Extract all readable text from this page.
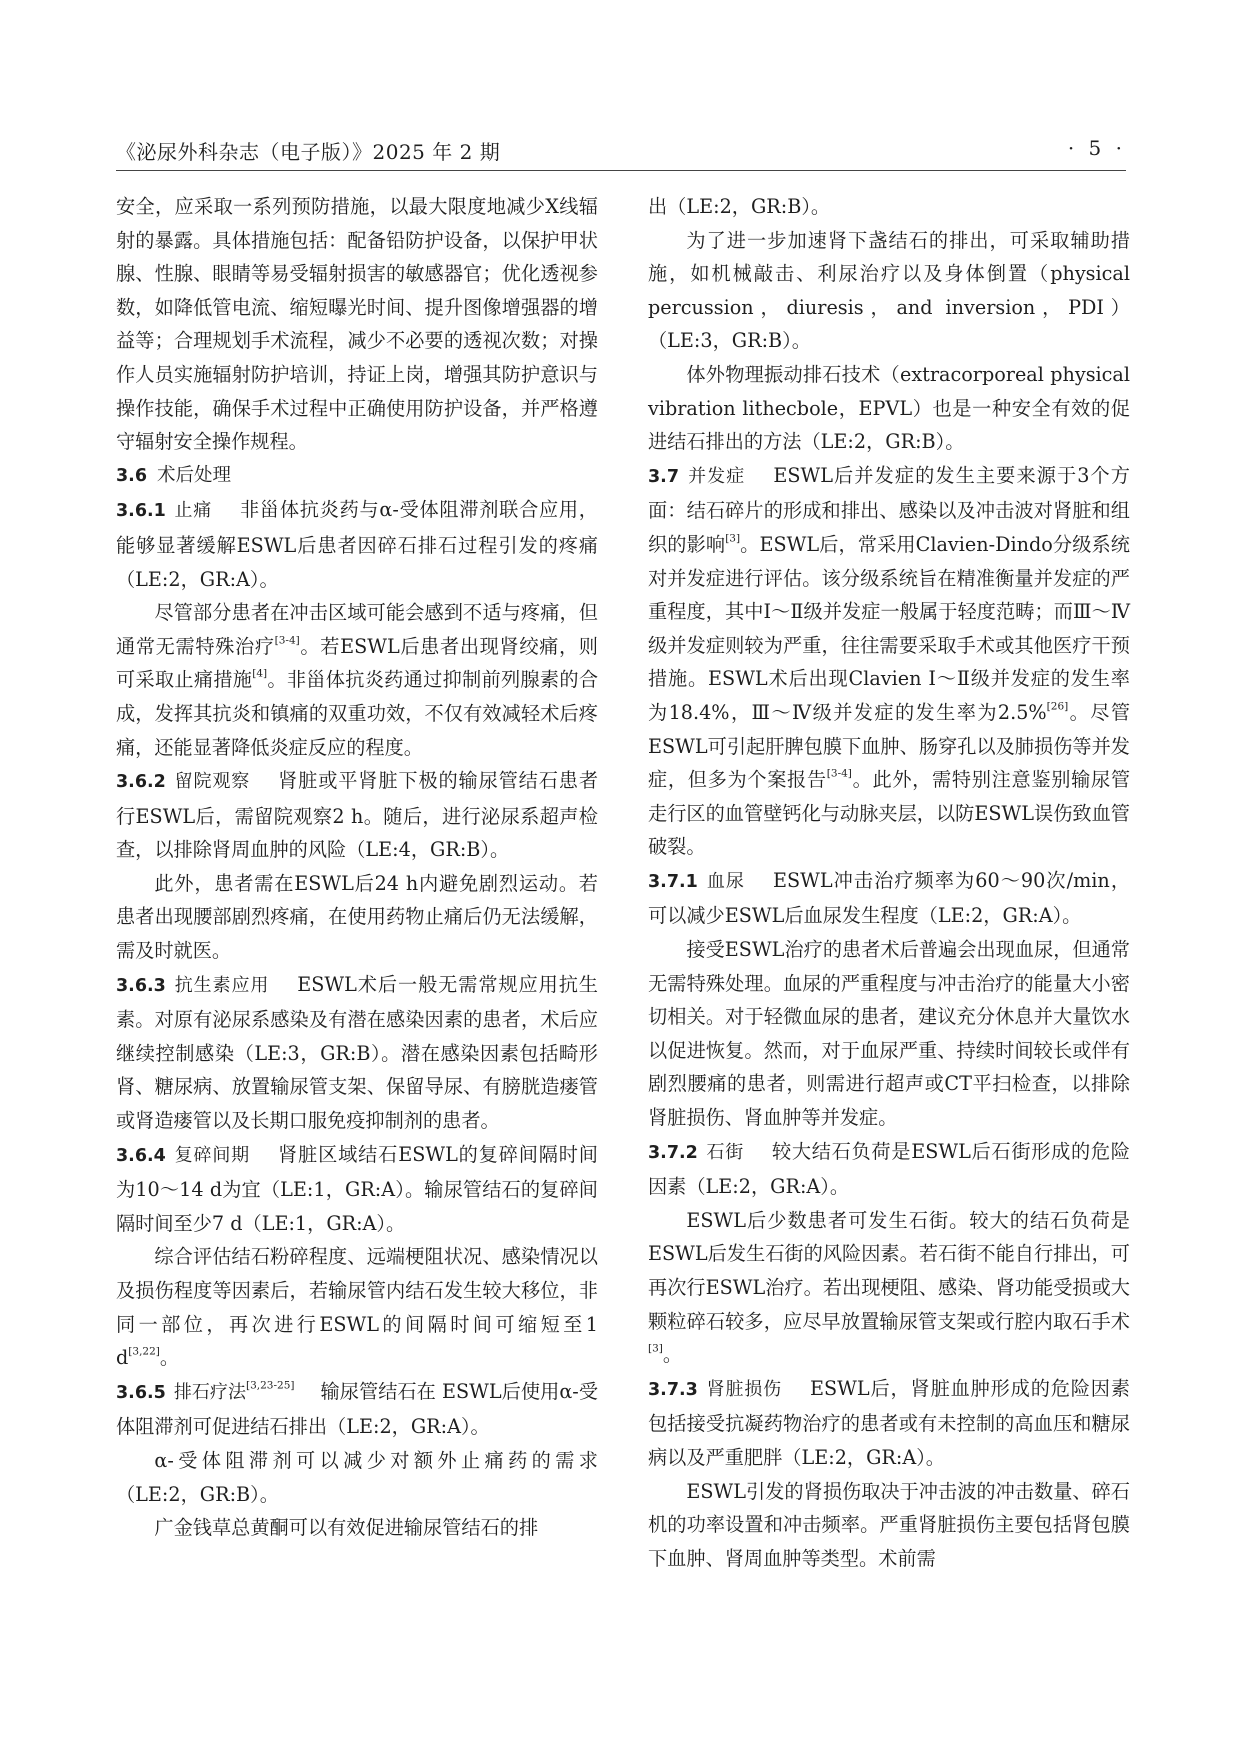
《泌尿外科杂志（电子版）》2025 年 2 期	· 5 ·

安全，应采取一系列预防措施，以最大限度地减少X线辐射的暴露。具体措施包括：配备铅防护设备，以保护甲状腺、性腺、眼睛等易受辐射损害的敏感器官；优化透视参数，如降低管电流、缩短曝光时间、提升图像增强器的增益等；合理规划手术流程，减少不必要的透视次数；对操作人员实施辐射防护培训，持证上岗，增强其防护意识与操作技能，确保手术过程中正确使用防护设备，并严格遵守辐射安全操作规程。

3.6 术后处理

3.6.1 止痛 非甾体抗炎药与α-受体阻滞剂联合应用，能够显著缓解ESWL后患者因碎石排石过程引发的疼痛（LE:2，GR:A）。

尽管部分患者在冲击区域可能会感到不适与疼痛，但通常无需特殊治疗[3-4]。若ESWL后患者出现肾绞痛，则可采取止痛措施[4]。非甾体抗炎药通过抑制前列腺素的合成，发挥其抗炎和镇痛的双重功效，不仅有效减轻术后疼痛，还能显著降低炎症反应的程度。

3.6.2 留院观察 肾脏或平肾脏下极的输尿管结石患者行ESWL后，需留院观察2 h。随后，进行泌尿系超声检查，以排除肾周血肿的风险（LE:4，GR:B）。

此外，患者需在ESWL后24 h内避免剧烈运动。若患者出现腰部剧烈疼痛，在使用药物止痛后仍无法缓解，需及时就医。

3.6.3 抗生素应用 ESWL术后一般无需常规应用抗生素。对原有泌尿系感染及有潜在感染因素的患者，术后应继续控制感染（LE:3，GR:B）。潜在感染因素包括畸形肾、糖尿病、放置输尿管支架、保留导尿、有膀胱造瘘管或肾造瘘管以及长期口服免疫抑制剂的患者。

3.6.4 复碎间期 肾脏区域结石ESWL的复碎间隔时间为10～14 d为宜（LE:1，GR:A）。输尿管结石的复碎间隔时间至少7 d（LE:1，GR:A）。

综合评估结石粉碎程度、远端梗阻状况、感染情况以及损伤程度等因素后，若输尿管内结石发生较大移位，非同一部位，再次进行ESWL的间隔时间可缩短至1 d[3,22]。

3.6.5 排石疗法[3,23-25] 输尿管结石在 ESWL后使用α-受体阻滞剂可促进结石排出（LE:2，GR:A）。

α-受体阻滞剂可以减少对额外止痛药的需求（LE:2，GR:B）。

广金钱草总黄酮可以有效促进输尿管结石的排

出（LE:2，GR:B）。

为了进一步加速肾下盏结石的排出，可采取辅助措施，如机械敲击、利尿治疗以及身体倒置（physical percussion，diuresis，and inversion，PDI）（LE:3，GR:B）。

体外物理振动排石技术（extracorporeal physical vibration lithecbole，EPVL）也是一种安全有效的促进结石排出的方法（LE:2，GR:B）。

3.7 并发症 ESWL后并发症的发生主要来源于3个方面：结石碎片的形成和排出、感染以及冲击波对肾脏和组织的影响[3]。ESWL后，常采用Clavien-Dindo分级系统对并发症进行评估。该分级系统旨在精准衡量并发症的严重程度，其中Ⅰ～Ⅱ级并发症一般属于轻度范畴；而Ⅲ～Ⅳ级并发症则较为严重，往往需要采取手术或其他医疗干预措施。ESWL术后出现Clavien Ⅰ～Ⅱ级并发症的发生率为18.4%，Ⅲ～Ⅳ级并发症的发生率为2.5%[26]。尽管ESWL可引起肝脾包膜下血肿、肠穿孔以及肺损伤等并发症，但多为个案报告[3-4]。此外，需特别注意鉴别输尿管走行区的血管壁钙化与动脉夹层，以防ESWL误伤致血管破裂。

3.7.1 血尿 ESWL冲击治疗频率为60～90次/min，可以减少ESWL后血尿发生程度（LE:2，GR:A）。

接受ESWL治疗的患者术后普遍会出现血尿，但通常无需特殊处理。血尿的严重程度与冲击治疗的能量大小密切相关。对于轻微血尿的患者，建议充分休息并大量饮水以促进恢复。然而，对于血尿严重、持续时间较长或伴有剧烈腰痛的患者，则需进行超声或CT平扫检查，以排除肾脏损伤、肾血肿等并发症。

3.7.2 石街 较大结石负荷是ESWL后石街形成的危险因素（LE:2，GR:A）。

ESWL后少数患者可发生石街。较大的结石负荷是ESWL后发生石街的风险因素。若石街不能自行排出，可再次行ESWL治疗。若出现梗阻、感染、肾功能受损或大颗粒碎石较多，应尽早放置输尿管支架或行腔内取石手术[3]。

3.7.3 肾脏损伤 ESWL后，肾脏血肿形成的危险因素包括接受抗凝药物治疗的患者或有未控制的高血压和糖尿病以及严重肥胖（LE:2，GR:A）。

ESWL引发的肾损伤取决于冲击波的冲击数量、碎石机的功率设置和冲击频率。严重肾脏损伤主要包括肾包膜下血肿、肾周血肿等类型。术前需
